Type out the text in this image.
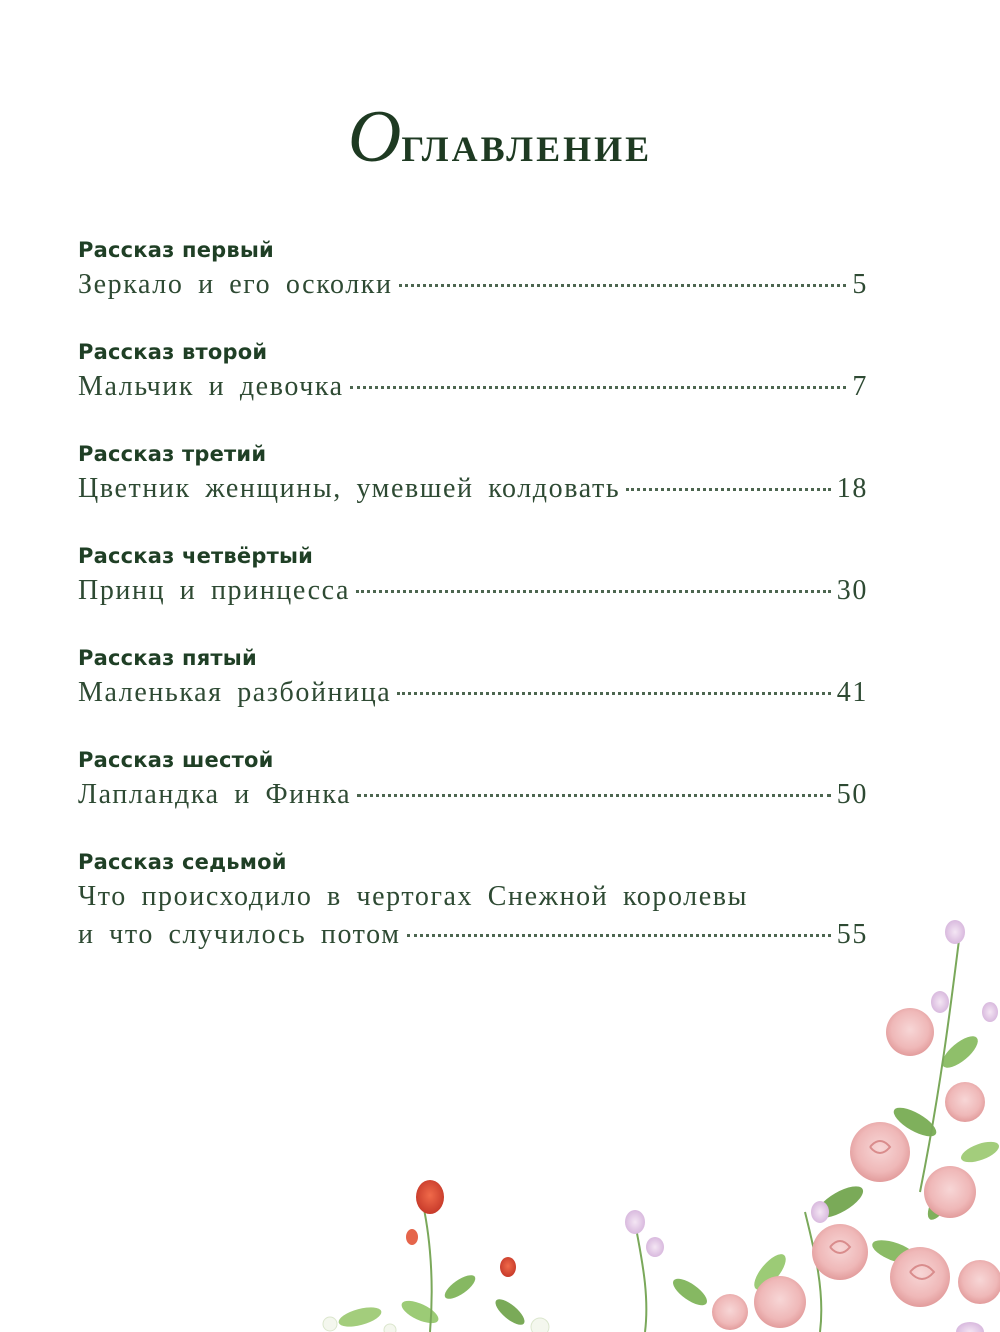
Оглавление
Рассказ первый
Зеркало и его осколки	5
Рассказ второй
Мальчик и девочка	7
Рассказ третий
Цветник женщины, умевшей колдовать	18
Рассказ четвёртый
Принц и принцесса	30
Рассказ пятый
Маленькая разбойница	41
Рассказ шестой
Лапландка и Финка	50
Рассказ седьмой
Что происходило в чертогах Снежной королевы
и что случилось потом	55
